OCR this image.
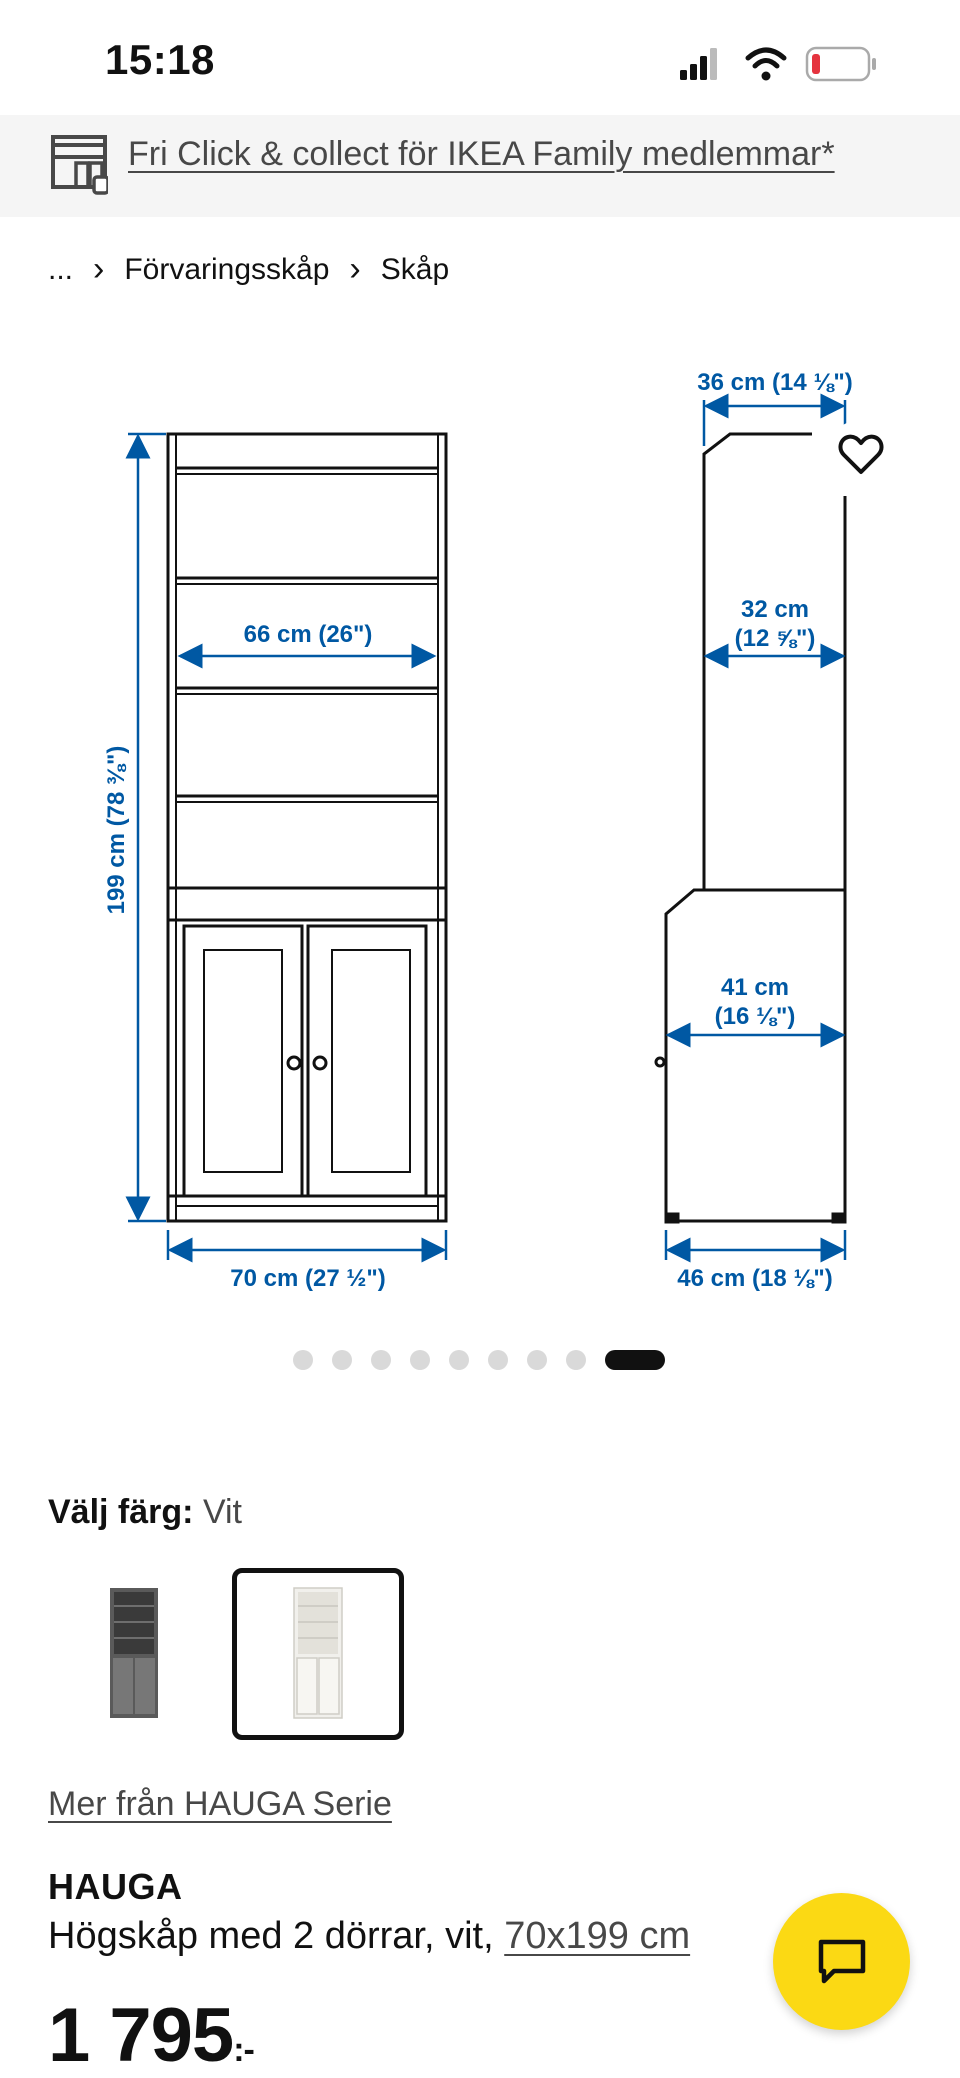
15:18
Fri Click & collect för IKEA Family medlemmar*
... › Förvaringsskåp › Skåp
66 cm (26")
199 cm (78 ⅜")
70 cm (27 ½")
36 cm (14 ⅛")
32 cm
(12 ⅝")
41 cm
(16 ⅛")
46 cm (18 ⅛")
Välj färg: Vit
Mer från HAUGA Serie
HAUGA
Högskåp med 2 dörrar, vit, 70x199 cm
1 795:-
